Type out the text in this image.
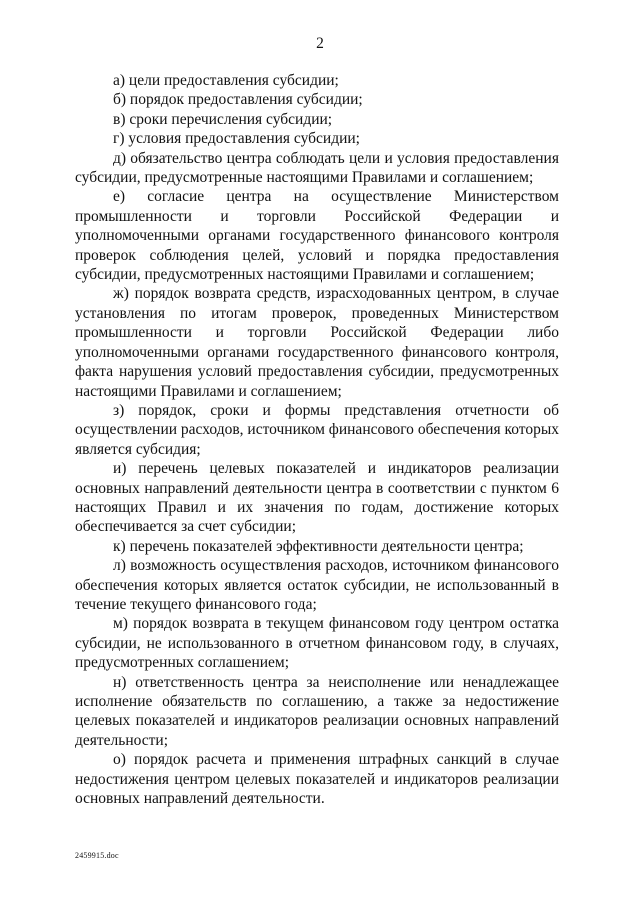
2

а) цели предоставления субсидии;

б) порядок предоставления субсидии;

в) сроки перечисления субсидии;

г) условия предоставления субсидии;

д) обязательство центра соблюдать цели и условия предоставления субсидии, предусмотренные настоящими Правилами и соглашением;

е) согласие центра на осуществление Министерством промышленности и торговли Российской Федерации и уполномоченными органами государственного финансового контроля проверок соблюдения целей, условий и порядка предоставления субсидии, предусмотренных настоящими Правилами и соглашением;

ж) порядок возврата средств, израсходованных центром, в случае установления по итогам проверок, проведенных Министерством промышленности и торговли Российской Федерации либо уполномоченными органами государственного финансового контроля, факта нарушения условий предоставления субсидии, предусмотренных настоящими Правилами и соглашением;

з) порядок, сроки и формы представления отчетности об осуществлении расходов, источником финансового обеспечения которых является субсидия;

и) перечень целевых показателей и индикаторов реализации основных направлений деятельности центра в соответствии с пунктом 6 настоящих Правил и их значения по годам, достижение которых обеспечивается за счет субсидии;

к) перечень показателей эффективности деятельности центра;

л) возможность осуществления расходов, источником финансового обеспечения которых является остаток субсидии, не использованный в течение текущего финансового года;

м) порядок возврата в текущем финансовом году центром остатка субсидии, не использованного в отчетном финансовом году, в случаях, предусмотренных соглашением;

н) ответственность центра за неисполнение или ненадлежащее исполнение обязательств по соглашению, а также за недостижение целевых показателей и индикаторов реализации основных направлений деятельности;

о) порядок расчета и применения штрафных санкций в случае недостижения центром целевых показателей и индикаторов реализации основных направлений деятельности.

2459915.doc
